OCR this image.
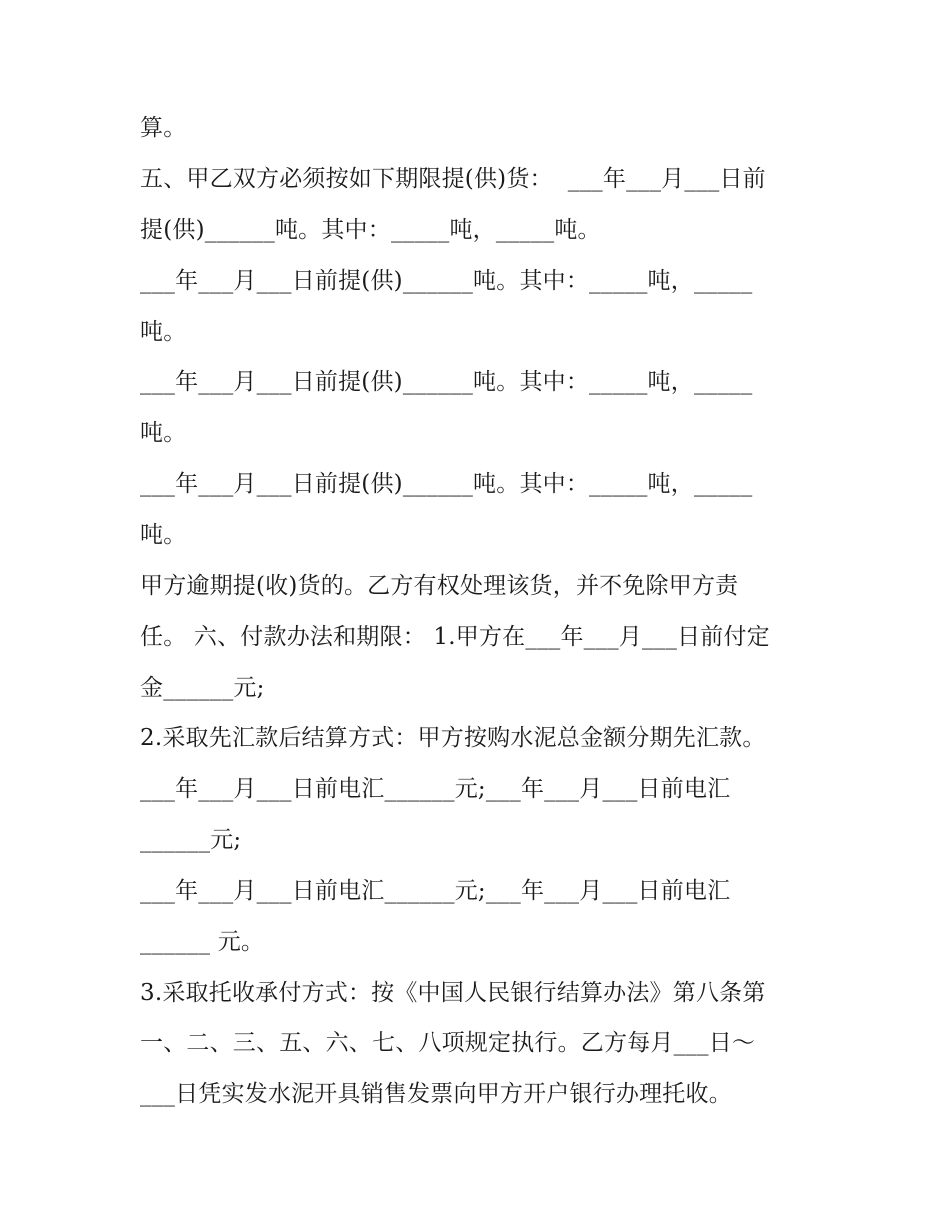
算。
五、甲乙双方必须按如下期限提(供)货：  ___年___月___日前
提(供)______吨。其中：_____吨，_____吨。
___年___月___日前提(供)______吨。其中：_____吨，_____
吨。
___年___月___日前提(供)______吨。其中：_____吨，_____
吨。
___年___月___日前提(供)______吨。其中：_____吨，_____
吨。
甲方逾期提(收)货的。乙方有权处理该货，并不免除甲方责
任。 六、付款办法和期限： 1.甲方在___年___月___日前付定
金______元;
2.采取先汇款后结算方式：甲方按购水泥总金额分期先汇款。
___年___月___日前电汇______元;___年___月___日前电汇
______元;
___年___月___日前电汇______元;___年___月___日前电汇
______ 元。
3.采取托收承付方式：按《中国人民银行结算办法》第八条第
一、二、三、五、六、七、八项规定执行。乙方每月___日～
___日凭实发水泥开具销售发票向甲方开户银行办理托收。
